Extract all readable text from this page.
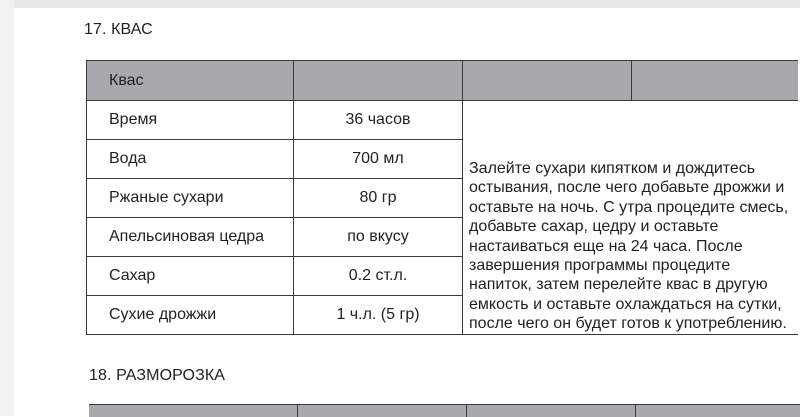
17. КВАС
Квас			
Время	36 часов	Залейте сухари кипятком и дождитесь остывания, после чего добавьте дрожжи и оставьте на ночь. С утра процедите смесь, добавьте сахар, цедру и оставьте настаиваться еще на 24 часа. После завершения программы процедите напиток, затем перелейте квас в другую емкость и оставьте охлаждаться на сутки, после чего он будет готов к употреблению.	
Вода	700 мл		
Ржаные сухари	80 гр		
Апельсиновая цедра	по вкусу		
Сахар	0.2 ст.л.		
Сухие дрожжи	1 ч.л. (5 гр)		
18. РАЗМОРОЗКА
